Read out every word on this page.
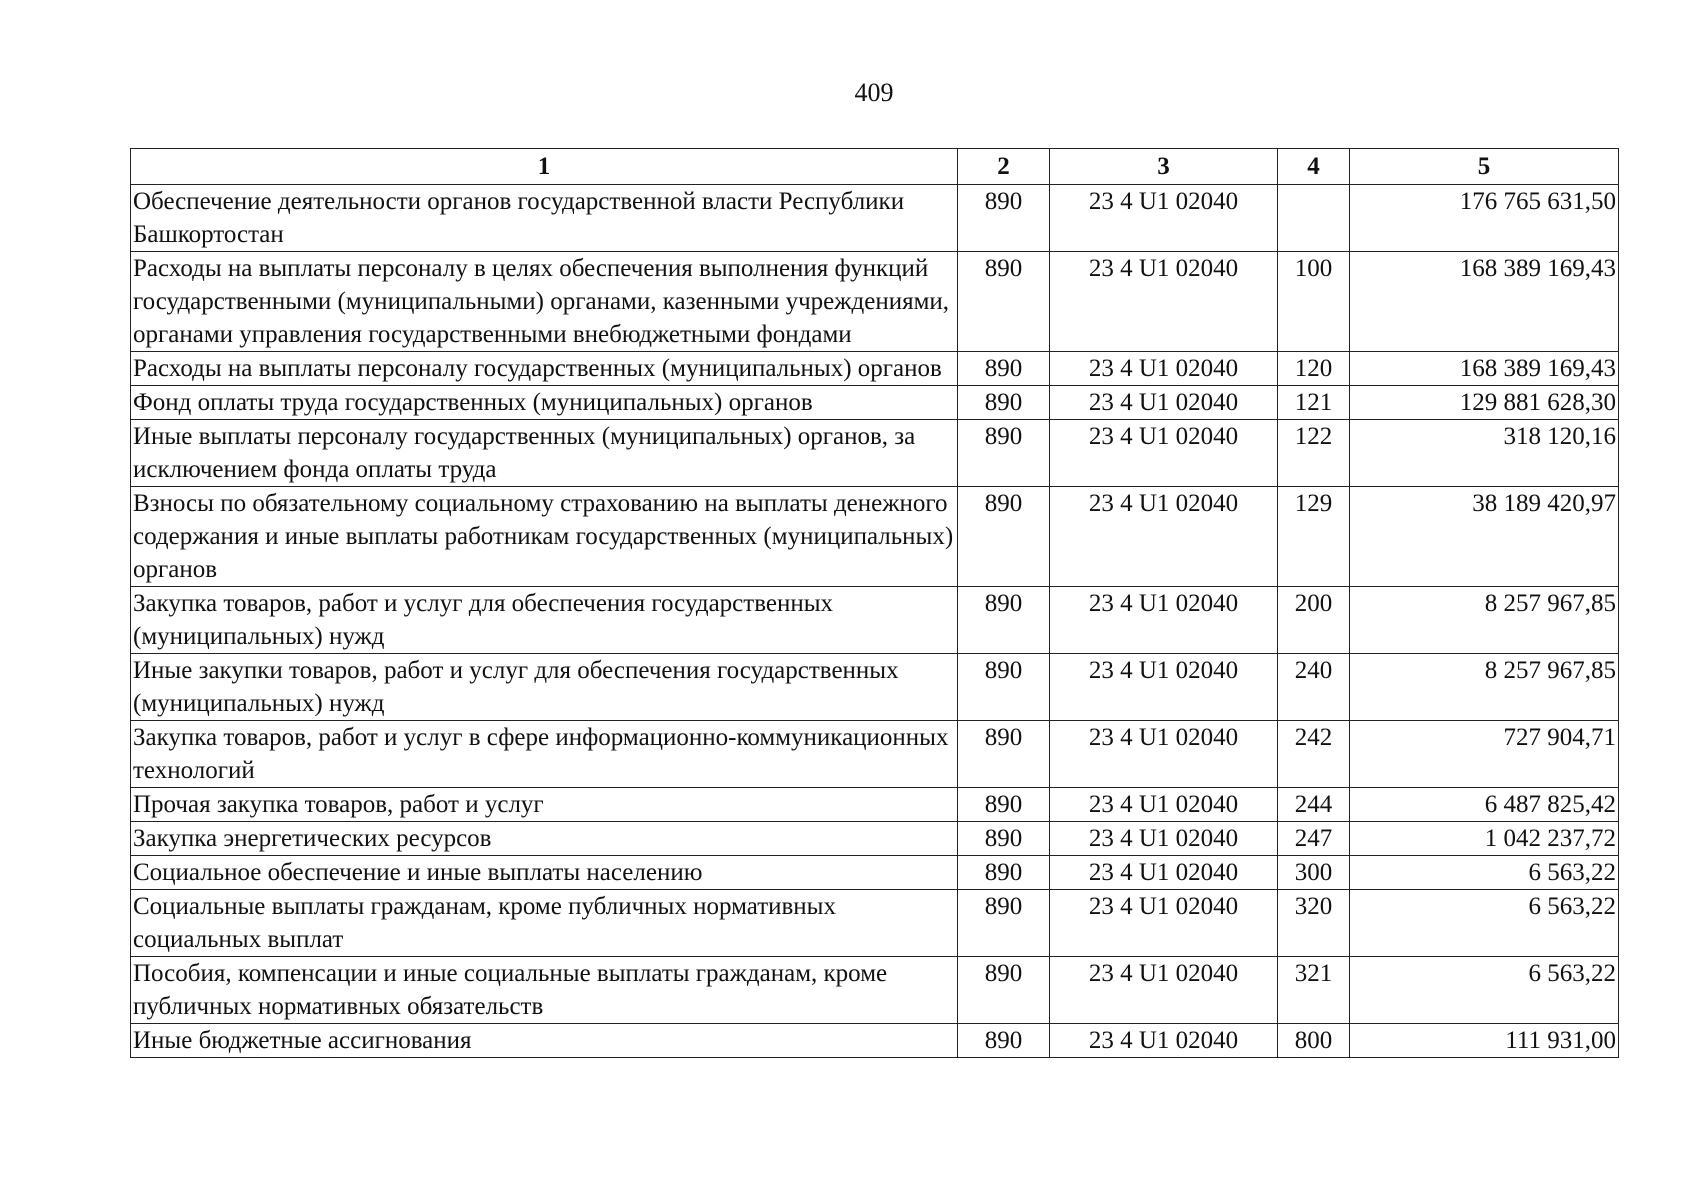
409
1	2	3	4	5
Обеспечение деятельности органов государственной власти Республики Башкортостан	890	23 4 U1 02040		176 765 631,50
Расходы на выплаты персоналу в целях обеспечения выполнения функций государственными (муниципальными) органами, казенными учреждениями, органами управления государственными внебюджетными фондами	890	23 4 U1 02040	100	168 389 169,43
Расходы на выплаты персоналу государственных (муниципальных) органов	890	23 4 U1 02040	120	168 389 169,43
Фонд оплаты труда государственных (муниципальных) органов	890	23 4 U1 02040	121	129 881 628,30
Иные выплаты персоналу государственных (муниципальных) органов, за исключением фонда оплаты труда	890	23 4 U1 02040	122	318 120,16
Взносы по обязательному социальному страхованию на выплаты денежного содержания и иные выплаты работникам государственных (муниципальных) органов	890	23 4 U1 02040	129	38 189 420,97
Закупка товаров, работ и услуг для обеспечения государственных (муниципальных) нужд	890	23 4 U1 02040	200	8 257 967,85
Иные закупки товаров, работ и услуг для обеспечения государственных (муниципальных) нужд	890	23 4 U1 02040	240	8 257 967,85
Закупка товаров, работ и услуг в сфере информационно-коммуникационных технологий	890	23 4 U1 02040	242	727 904,71
Прочая закупка товаров, работ и услуг	890	23 4 U1 02040	244	6 487 825,42
Закупка энергетических ресурсов	890	23 4 U1 02040	247	1 042 237,72
Социальное обеспечение и иные выплаты населению	890	23 4 U1 02040	300	6 563,22
Социальные выплаты гражданам, кроме публичных нормативных социальных выплат	890	23 4 U1 02040	320	6 563,22
Пособия, компенсации и иные социальные выплаты гражданам, кроме публичных нормативных обязательств	890	23 4 U1 02040	321	6 563,22
Иные бюджетные ассигнования	890	23 4 U1 02040	800	111 931,00
